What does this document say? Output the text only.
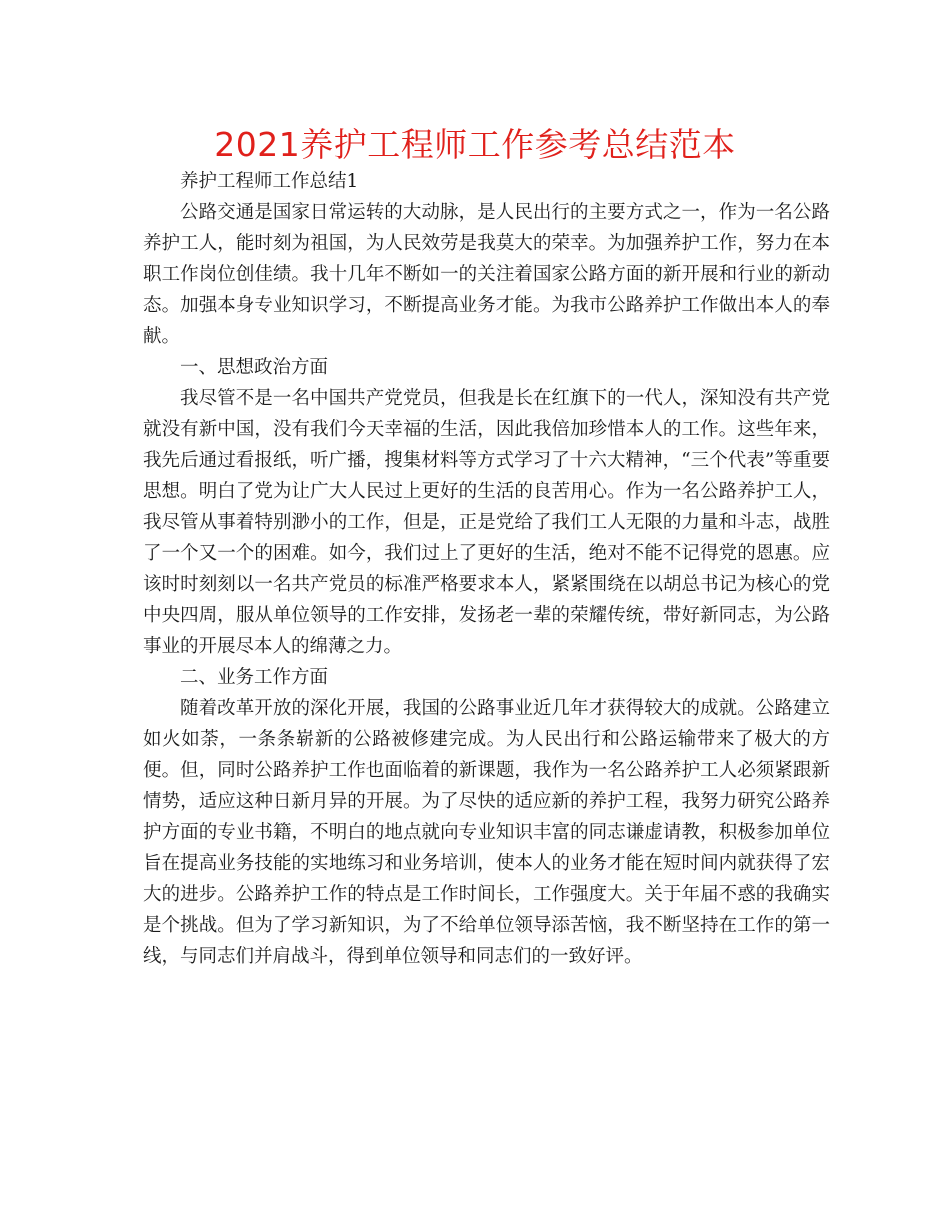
2021养护工程师工作参考总结范本

养护工程师工作总结1

公路交通是国家日常运转的大动脉，是人民出行的主要方式之一，作为一名公路养护工人，能时刻为祖国，为人民效劳是我莫大的荣幸。为加强养护工作，努力在本职工作岗位创佳绩。我十几年不断如一的关注着国家公路方面的新开展和行业的新动态。加强本身专业知识学习，不断提高业务才能。为我市公路养护工作做出本人的奉献。

一、思想政治方面

我尽管不是一名中国共产党党员，但我是长在红旗下的一代人，深知没有共产党就没有新中国，没有我们今天幸福的生活，因此我倍加珍惜本人的工作。这些年来，我先后通过看报纸，听广播，搜集材料等方式学习了十六大精神，“三个代表”等重要思想。明白了党为让广大人民过上更好的生活的良苦用心。作为一名公路养护工人，我尽管从事着特别渺小的工作，但是，正是党给了我们工人无限的力量和斗志，战胜了一个又一个的困难。如今，我们过上了更好的生活，绝对不能不记得党的恩惠。应该时时刻刻以一名共产党员的标准严格要求本人，紧紧围绕在以胡总书记为核心的党中央四周，服从单位领导的工作安排，发扬老一辈的荣耀传统，带好新同志，为公路事业的开展尽本人的绵薄之力。

二、业务工作方面

随着改革开放的深化开展，我国的公路事业近几年才获得较大的成就。公路建立如火如荼，一条条崭新的公路被修建完成。为人民出行和公路运输带来了极大的方便。但，同时公路养护工作也面临着的新课题，我作为一名公路养护工人必须紧跟新情势，适应这种日新月异的开展。为了尽快的适应新的养护工程，我努力研究公路养护方面的专业书籍，不明白的地点就向专业知识丰富的同志谦虚请教，积极参加单位旨在提高业务技能的实地练习和业务培训，使本人的业务才能在短时间内就获得了宏大的进步。公路养护工作的特点是工作时间长，工作强度大。关于年届不惑的我确实是个挑战。但为了学习新知识，为了不给单位领导添苦恼，我不断坚持在工作的第一线，与同志们并肩战斗，得到单位领导和同志们的一致好评。
